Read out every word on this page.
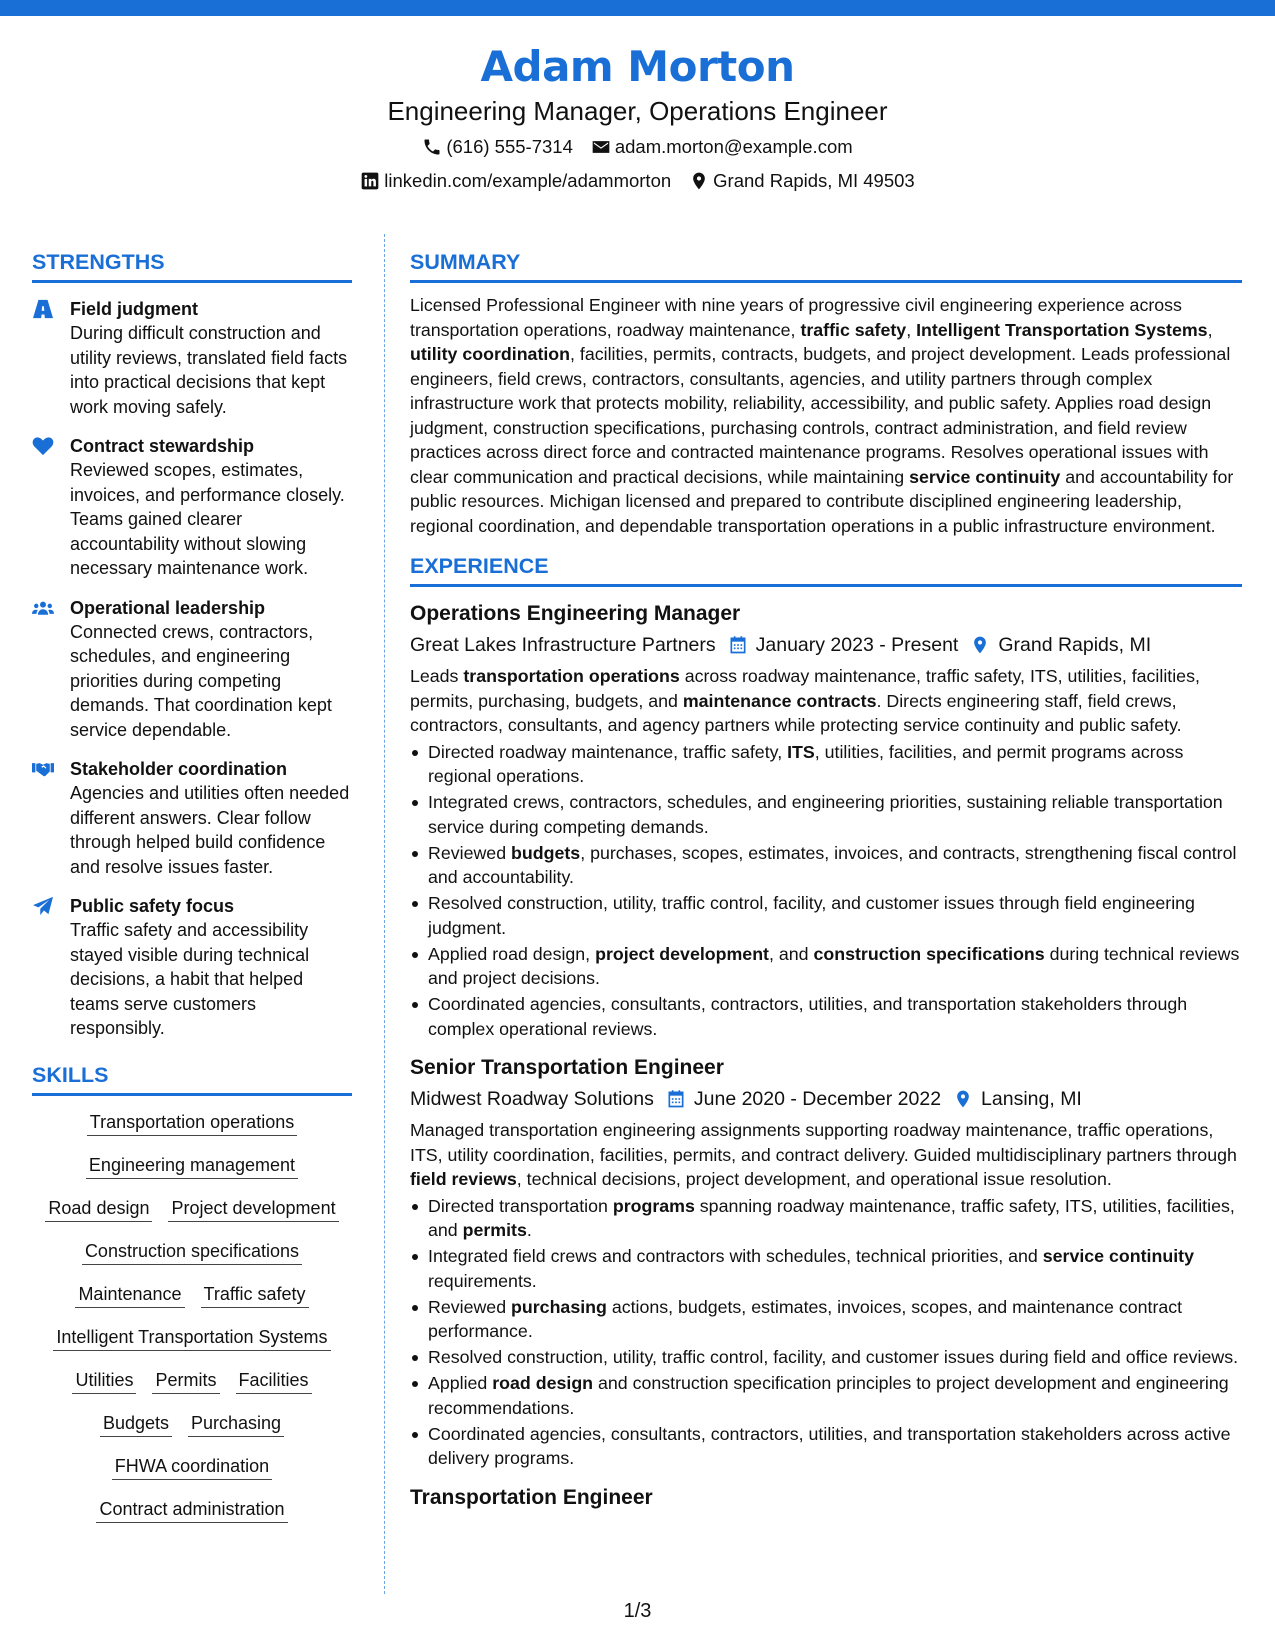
Adam Morton
Engineering Manager, Operations Engineer
(616) 555-7314 adam.morton@example.com
linkedin.com/example/adammorton Grand Rapids, MI 49503
STRENGTHS
Field judgment
During difficult construction and utility reviews, translated field facts into practical decisions that kept work moving safely.
Contract stewardship
Reviewed scopes, estimates, invoices, and performance closely. Teams gained clearer accountability without slowing necessary maintenance work.
Operational leadership
Connected crews, contractors, schedules, and engineering priorities during competing demands. That coordination kept service dependable.
Stakeholder coordination
Agencies and utilities often needed different answers. Clear follow through helped build confidence and resolve issues faster.
Public safety focus
Traffic safety and accessibility stayed visible during technical decisions, a habit that helped teams serve customers responsibly.
SKILLS
Transportation operations
Engineering management
Road design Project development
Construction specifications
Maintenance Traffic safety
Intelligent Transportation Systems
Utilities Permits Facilities
Budgets Purchasing
FHWA coordination
Contract administration
SUMMARY
Licensed Professional Engineer with nine years of progressive civil engineering experience across transportation operations, roadway maintenance, traffic safety, Intelligent Transportation Systems, utility coordination, facilities, permits, contracts, budgets, and project development. Leads professional engineers, field crews, contractors, consultants, agencies, and utility partners through complex infrastructure work that protects mobility, reliability, accessibility, and public safety. Applies road design judgment, construction specifications, purchasing controls, contract administration, and field review practices across direct force and contracted maintenance programs. Resolves operational issues with clear communication and practical decisions, while maintaining service continuity and accountability for public resources. Michigan licensed and prepared to contribute disciplined engineering leadership, regional coordination, and dependable transportation operations in a public infrastructure environment.
EXPERIENCE
Operations Engineering Manager
Great Lakes Infrastructure Partners January 2023 - Present Grand Rapids, MI
Leads transportation operations across roadway maintenance, traffic safety, ITS, utilities, facilities, permits, purchasing, budgets, and maintenance contracts. Directs engineering staff, field crews, contractors, consultants, and agency partners while protecting service continuity and public safety.
Directed roadway maintenance, traffic safety, ITS, utilities, facilities, and permit programs across regional operations.
Integrated crews, contractors, schedules, and engineering priorities, sustaining reliable transportation service during competing demands.
Reviewed budgets, purchases, scopes, estimates, invoices, and contracts, strengthening fiscal control and accountability.
Resolved construction, utility, traffic control, facility, and customer issues through field engineering judgment.
Applied road design, project development, and construction specifications during technical reviews and project decisions.
Coordinated agencies, consultants, contractors, utilities, and transportation stakeholders through complex operational reviews.
Senior Transportation Engineer
Midwest Roadway Solutions June 2020 - December 2022 Lansing, MI
Managed transportation engineering assignments supporting roadway maintenance, traffic operations, ITS, utility coordination, facilities, permits, and contract delivery. Guided multidisciplinary partners through field reviews, technical decisions, project development, and operational issue resolution.
Directed transportation programs spanning roadway maintenance, traffic safety, ITS, utilities, facilities, and permits.
Integrated field crews and contractors with schedules, technical priorities, and service continuity requirements.
Reviewed purchasing actions, budgets, estimates, invoices, scopes, and maintenance contract performance.
Resolved construction, utility, traffic control, facility, and customer issues during field and office reviews.
Applied road design and construction specification principles to project development and engineering recommendations.
Coordinated agencies, consultants, contractors, utilities, and transportation stakeholders across active delivery programs.
Transportation Engineer
1/3
